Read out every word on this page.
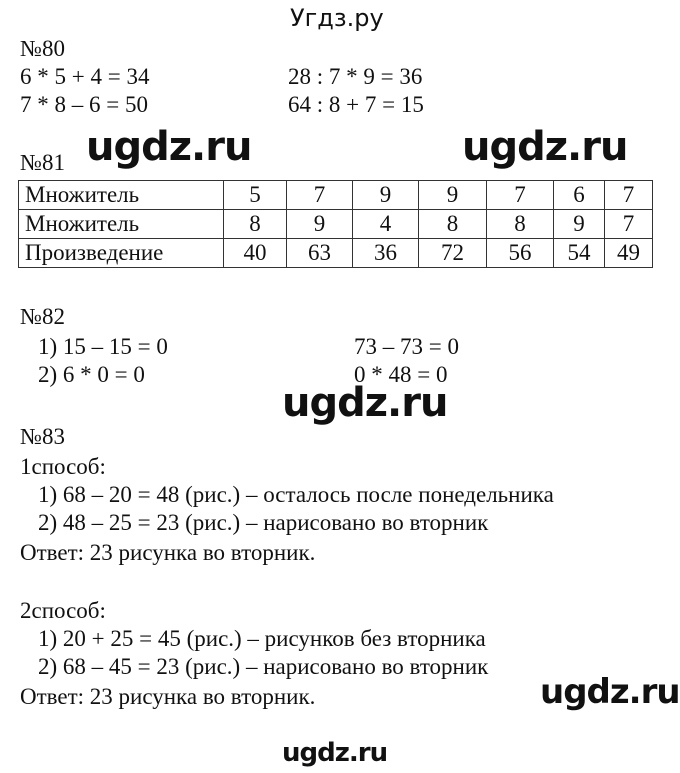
Угдз.ру
№80
6 * 5 + 4 = 34	28 : 7 * 9 = 36
7 * 8 – 6 = 50	64 : 8 + 7 = 15
№81 ugdz.ru	ugdz.ru
Множитель	5	7	9	9	7	6	7
Множитель	8	9	4	8	8	9	7
Произведение	40	63	36	72	56	54	49
№82
1) 15 – 15 = 0	73 – 73 = 0
2) 6 * 0 = 0	0 * 48 = 0
ugdz.ru
№83
1способ:
1) 68 – 20 = 48 (рис.) – осталось после понедельника
2) 48 – 25 = 23 (рис.) – нарисовано во вторник
Ответ: 23 рисунка во вторник.
2способ:
1) 20 + 25 = 45 (рис.) – рисунков без вторника
2) 68 – 45 = 23 (рис.) – нарисовано во вторник
Ответ: 23 рисунка во вторник.	ugdz.ru
ugdz.ru
